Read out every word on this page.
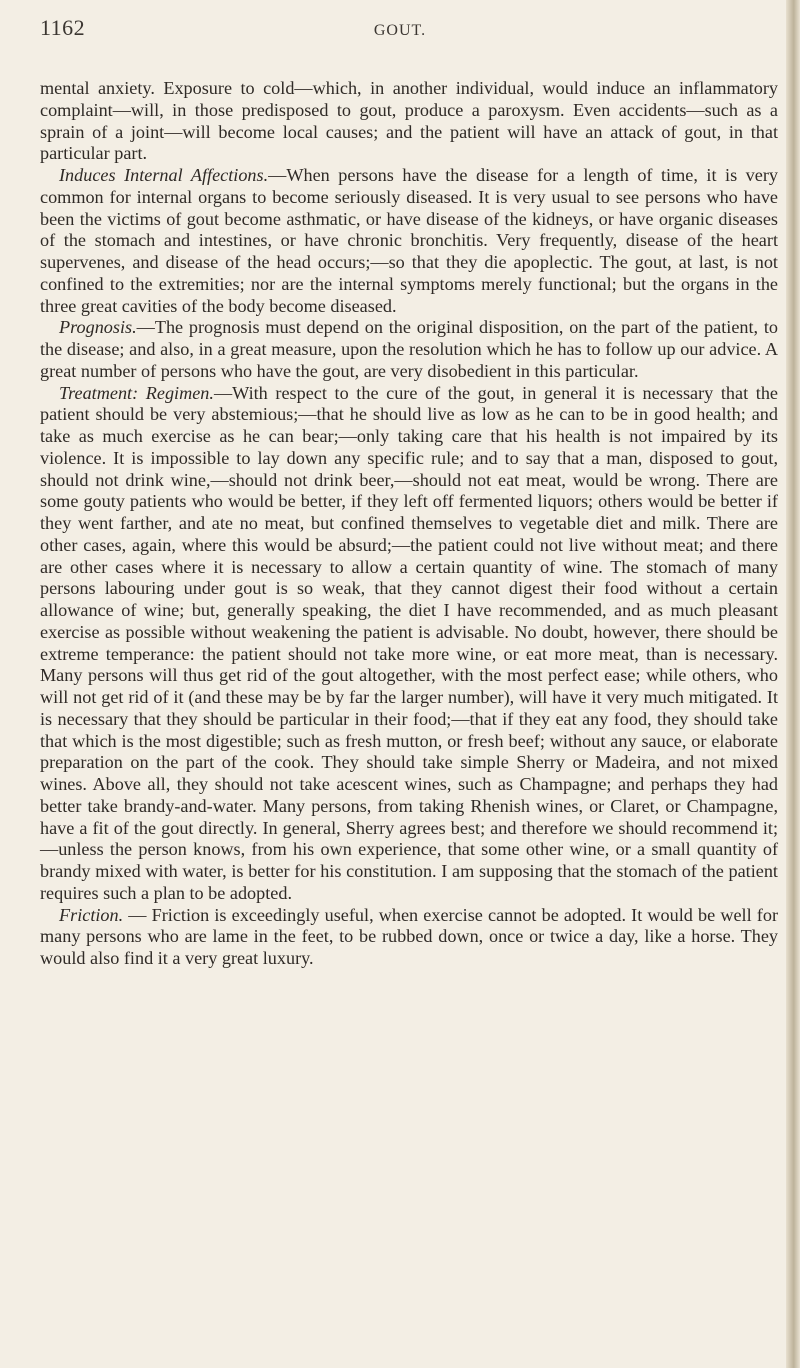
1162	GOUT.

mental anxiety. Exposure to cold—which, in another individual, would induce an inflammatory complaint—will, in those predisposed to gout, produce a paroxysm. Even accidents—such as a sprain of a joint—will become local causes; and the patient will have an attack of gout, in that particular part.

Induces Internal Affections.—When persons have the disease for a length of time, it is very common for internal organs to become seriously diseased. It is very usual to see persons who have been the victims of gout become asthmatic, or have disease of the kidneys, or have organic diseases of the stomach and intestines, or have chronic bronchitis. Very frequently, disease of the heart supervenes, and disease of the head occurs;—so that they die apoplectic. The gout, at last, is not confined to the extremities; nor are the internal symptoms merely functional; but the organs in the three great cavities of the body become diseased.

Prognosis.—The prognosis must depend on the original disposition, on the part of the patient, to the disease; and also, in a great measure, upon the resolution which he has to follow up our advice. A great number of persons who have the gout, are very disobedient in this particular.

Treatment: Regimen.—With respect to the cure of the gout, in general it is necessary that the patient should be very abstemious;—that he should live as low as he can to be in good health; and take as much exercise as he can bear;—only taking care that his health is not impaired by its violence. It is impossible to lay down any specific rule; and to say that a man, disposed to gout, should not drink wine,—should not drink beer,—should not eat meat, would be wrong. There are some gouty patients who would be better, if they left off fermented liquors; others would be better if they went farther, and ate no meat, but confined themselves to vegetable diet and milk. There are other cases, again, where this would be absurd;—the patient could not live without meat; and there are other cases where it is necessary to allow a certain quantity of wine. The stomach of many persons labouring under gout is so weak, that they cannot digest their food without a certain allowance of wine; but, generally speaking, the diet I have recommended, and as much pleasant exercise as possible without weakening the patient is advisable. No doubt, however, there should be extreme temperance: the patient should not take more wine, or eat more meat, than is necessary. Many persons will thus get rid of the gout altogether, with the most perfect ease; while others, who will not get rid of it (and these may be by far the larger number), will have it very much mitigated. It is necessary that they should be particular in their food;—that if they eat any food, they should take that which is the most digestible; such as fresh mutton, or fresh beef; without any sauce, or elaborate preparation on the part of the cook. They should take simple Sherry or Madeira, and not mixed wines. Above all, they should not take acescent wines, such as Champagne; and perhaps they had better take brandy-and-water. Many persons, from taking Rhenish wines, or Claret, or Champagne, have a fit of the gout directly. In general, Sherry agrees best; and therefore we should recommend it;—unless the person knows, from his own experience, that some other wine, or a small quantity of brandy mixed with water, is better for his constitution. I am supposing that the stomach of the patient requires such a plan to be adopted.

Friction. — Friction is exceedingly useful, when exercise cannot be adopted. It would be well for many persons who are lame in the feet, to be rubbed down, once or twice a day, like a horse. They would also find it a very great luxury.
